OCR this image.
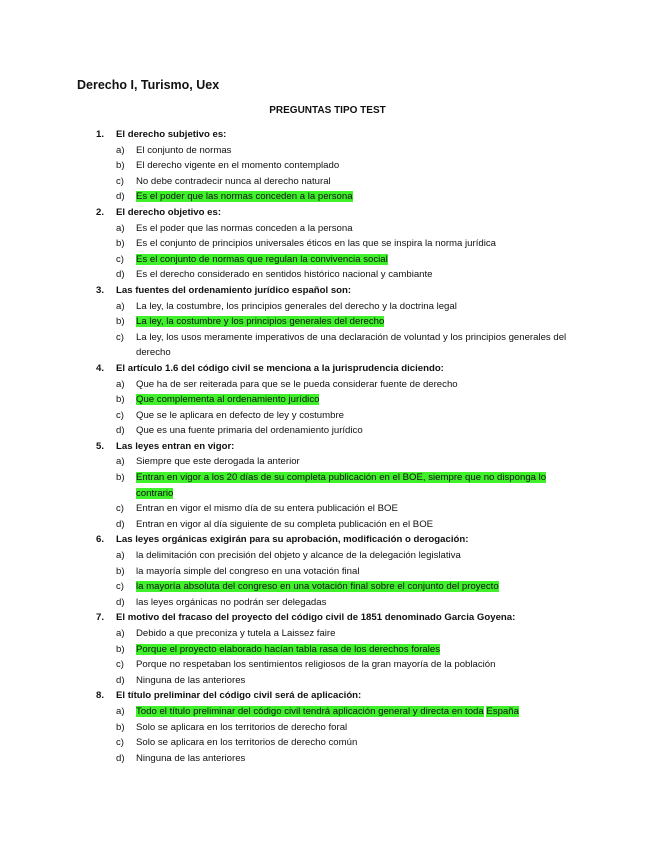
Derecho I, Turismo, Uex
PREGUNTAS TIPO TEST
1.	El derecho subjetivo es:
a)	El conjunto de normas
b)	El derecho vigente en el momento contemplado
c)	No debe contradecir nunca al derecho natural
d)	Es el poder que las normas conceden a la persona
2.	El derecho objetivo es:
a)	Es el poder que las normas conceden a la persona
b)	Es el conjunto de principios universales éticos en las que se inspira la norma jurídica
c)	Es el conjunto de normas que regulan la convivencia social
d)	Es el derecho considerado en sentidos histórico nacional y cambiante
3.	Las fuentes del ordenamiento jurídico español son:
a)	La ley, la costumbre, los principios generales del derecho y la doctrina legal
b)	La ley, la costumbre y los principios generales del derecho
c)	La ley, los usos meramente imperativos de una declaración de voluntad y los principios generales del derecho
4.	El artículo 1.6 del código civil se menciona a la jurisprudencia diciendo:
a)	Que ha de ser reiterada para que se le pueda considerar fuente de derecho
b)	Que complementa al ordenamiento jurídico
c)	Que se le aplicara en defecto de ley y costumbre
d)	Que es una fuente primaria del ordenamiento jurídico
5.	Las leyes entran en vigor:
a)	Siempre que este derogada la anterior
b)	Entran en vigor a los 20 días de su completa publicación en el BOE, siempre que no disponga lo contrario
c)	Entran en vigor el mismo día de su entera publicación el BOE
d)	Entran en vigor al día siguiente de su completa publicación en el BOE
6.	Las leyes orgánicas exigirán para su aprobación, modificación o derogación:
a)	la delimitación con precisión del objeto y alcance de la delegación legislativa
b)	la mayoría simple del congreso en una votación final
c)	la mayoría absoluta del congreso en una votación final sobre el conjunto del proyecto
d)	las leyes orgánicas no podrán ser delegadas
7.	El motivo del fracaso del proyecto del código civil de 1851 denominado Garcia Goyena:
a)	Debido a que preconiza y tutela a Laissez faire
b)	Porque el proyecto elaborado hacían tabla rasa de los derechos forales
c)	Porque no respetaban los sentimientos religiosos de la gran mayoría de la población
d)	Ninguna de las anteriores
8.	El título preliminar del código civil será de aplicación:
a)	Todo el título preliminar del código civil tendrá aplicación general y directa en toda España
b)	Solo se aplicara en los territorios de derecho foral
c)	Solo se aplicara en los territorios de derecho común
d)	Ninguna de las anteriores
